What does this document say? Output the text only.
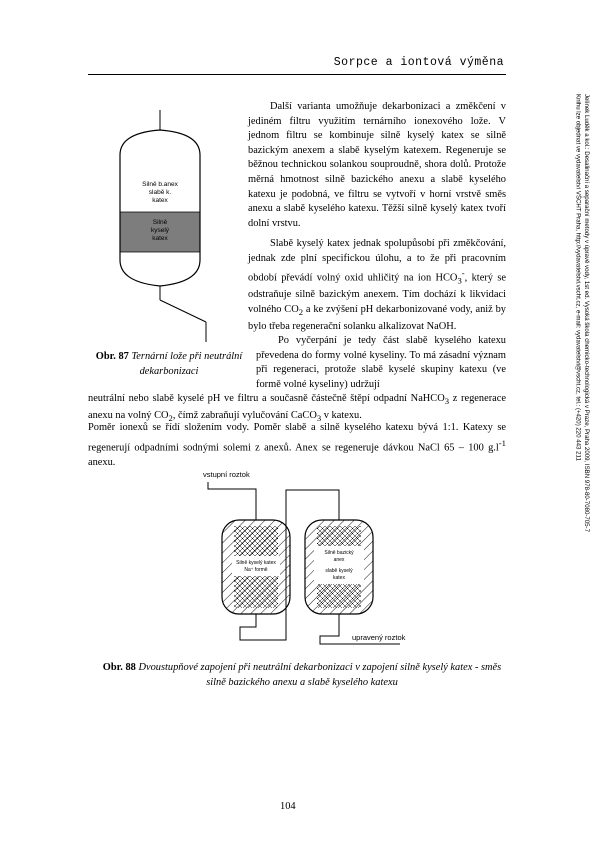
Sorpce a iontová výměna
Jelínek Luděk a kol.: Desalinační a separační metody v úpravě vody, 1st ed. Vysoká škola chemicko-technologická v Praze, Praha 2009, ISBN 978-80-7080-705-7
Knihu lze objednat ve vydavatelství VŠCHT Praha, http://vydavatelstvi.vscht.cz, e-mail: vydavatelstvi@vscht.cz, tel.: (+420) 220 443 211
Silně b.anex
slabě k.
katex
Silně
kyselý
katex
Obr. 87 Ternární lože při neutrální dekarbonizaci

Další varianta umožňuje dekarbonizaci a změkčení v jediném filtru využitím ternárního ionexového lože. V jednom filtru se kombinuje silně kyselý katex se silně bazickým anexem a slabě kyselým katexem. Regeneruje se běžnou technickou solankou souproudně, shora dolů. Protože měrná hmotnost silně bazického anexu a slabě kyselého katexu je podobná, ve filtru se vytvoří v horní vrstvě směs anexu a slabě kyselého katexu. Těžší silně kyselý katex tvoří dolní vrstvu.

Slabě kyselý katex jednak spolupůsobí při změkčování, jednak zde plní specifickou úlohu, a to že při pracovním období převádí volný oxid uhličitý na ion $HCO_3^-$, který se odstraňuje silně bazickým anexem. Tím dochází k likvidaci volného $CO_2$ a ke zvýšení pH dekarbonizované vody, aniž by bylo třeba regenerační solanku alkalizovat NaOH.

Po vyčerpání je tedy část slabě kyselého katexu převedena do formy volné kyseliny. To má zásadní význam při regeneraci, protože slabě kyselé skupiny katexu (ve formě volné kyseliny) udržují

neutrální nebo slabě kyselé pH ve filtru a současně částečně štěpí odpadní NaHCO$_3$ z regenerace anexu na volný $CO_2$, čímž zabraňují vylučování CaCO$_3$ v katexu.

Poměr ionexů se řídí složením vody. Poměr slabě a silně kyselého katexu bývá 1:1. Katexy se regenerují odpadními sodnými solemi z anexů. Anex se regeneruje dávkou NaCl 65 – 100 $g.l^{-1}$ anexu.

Silně kyselý katex
Na⁺ formě
Silně bazický
anex
slabě kyselý
katex
vstupní roztok
upravený roztok
Obr. 88 Dvoustupňové zapojení při neutrální dekarbonizaci v zapojení silně kyselý katex - směs silně bazického anexu a slabě kyselého katexu
104
